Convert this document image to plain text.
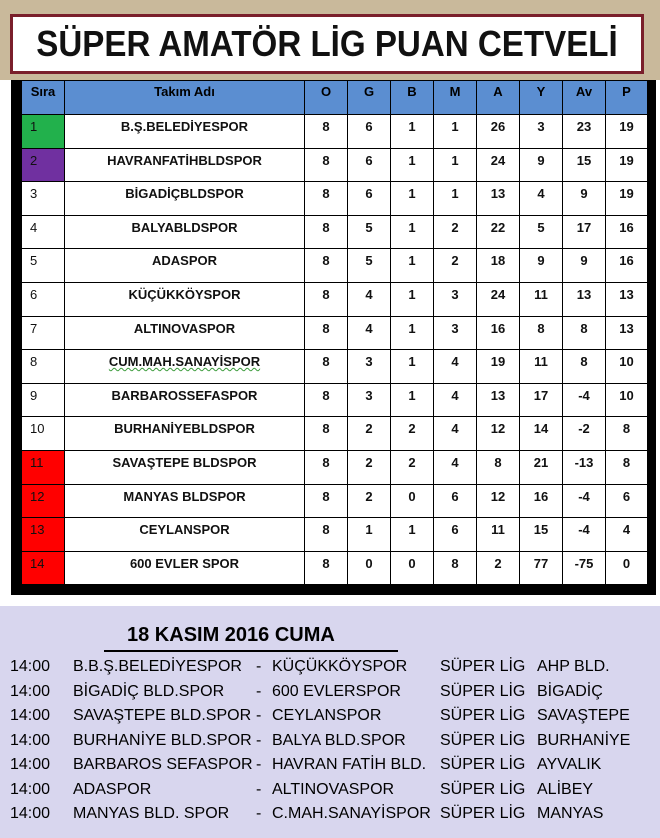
SÜPER AMATÖR LİG PUAN CETVELİ
Sıra	Takım Adı	O	G	B	M	A	Y	Av	P
1	B.Ş.BELEDİYESPOR	8	6	1	1	26	3	23	19
2	HAVRANFATİHBLDSPOR	8	6	1	1	24	9	15	19
3	BİGADİÇBLDSPOR	8	6	1	1	13	4	9	19
4	BALYABLDSPOR	8	5	1	2	22	5	17	16
5	ADASPOR	8	5	1	2	18	9	9	16
6	KÜÇÜKKÖYSPOR	8	4	1	3	24	11	13	13
7	ALTINOVASPOR	8	4	1	3	16	8	8	13
8	CUM.MAH.SANAYİSPOR	8	3	1	4	19	11	8	10
9	BARBAROSSEFASPOR	8	3	1	4	13	17	-4	10
10	BURHANİYEBLDSPOR	8	2	2	4	12	14	-2	8
11	SAVAŞTEPE BLDSPOR	8	2	2	4	8	21	-13	8
12	MANYAS BLDSPOR	8	2	0	6	12	16	-4	6
13	CEYLANSPOR	8	1	1	6	11	15	-4	4
14	600 EVLER SPOR	8	0	0	8	2	77	-75	0
18 KASIM 2016 CUMA
14:00 B.B.Ş.BELEDİYESPOR - KÜÇÜKKÖYSPOR SÜPER LİG AHP BLD.
14:00 BİGADİÇ BLD.SPOR - 600 EVLERSPOR SÜPER LİG BİGADİÇ
14:00 SAVAŞTEPE BLD.SPOR - CEYLANSPOR	SÜPER LİG SAVAŞTEPE
14:00 BURHANİYE BLD.SPOR - BALYA BLD.SPOR SÜPER LİG BURHANİYE
14:00 BARBAROS SEFASPOR - HAVRAN FATİH BLD. SÜPER LİG AYVALIK
14:00 ADASPOR	- ALTINOVASPOR	SÜPER LİG ALİBEY
14:00 MANYAS BLD. SPOR - C.MAH.SANAYİSPOR SÜPER LİG MANYAS
